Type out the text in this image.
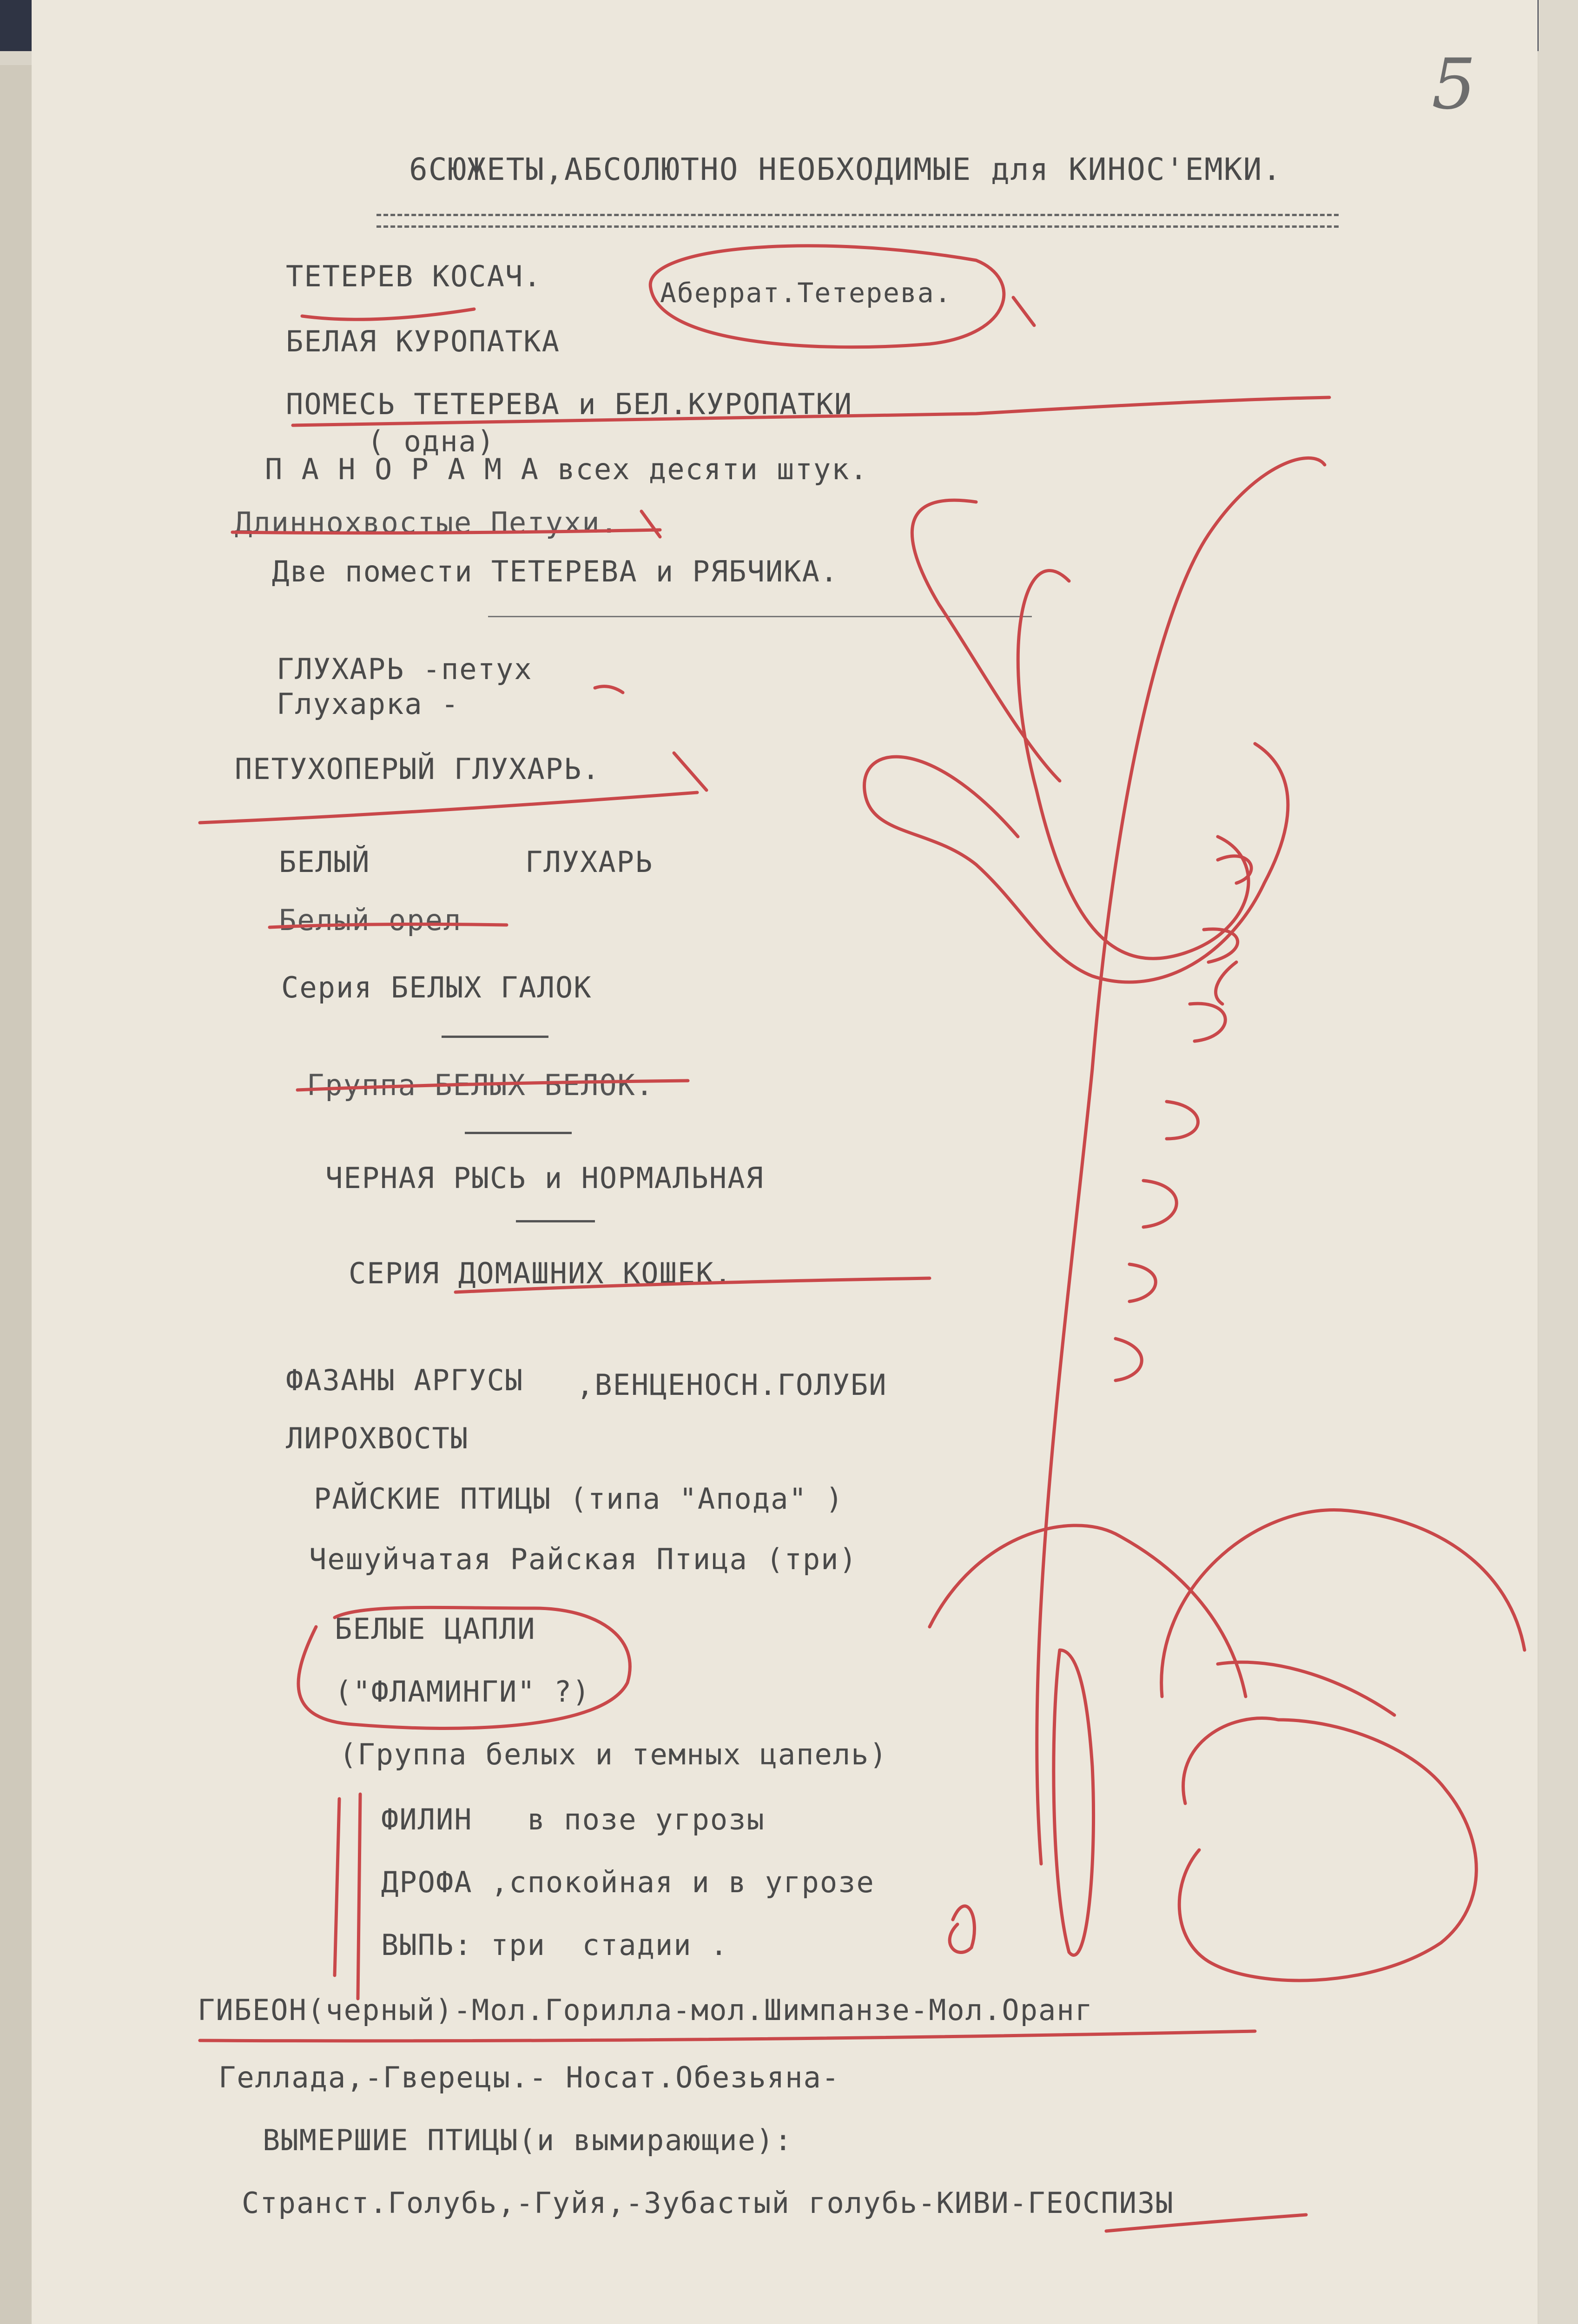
5
6СЮЖЕТЫ,АБСОЛЮТНО НЕОБХОДИМЫЕ для КИНОС'ЕМКИ.
ТЕТЕРЕВ КОСАЧ.	Аберрат.Тетерева.
БЕЛАЯ КУРОПАТКА
ПОМЕСЬ ТЕТЕРЕВА и БЕЛ.КУРОПАТКИ
( одна)
П А Н О Р А М А всех десяти штук.
Длиннохвостые Петухи.
Две помести ТЕТЕРЕВА и РЯБЧИКА.
ГЛУХАРЬ -петух
Глухарка -
ПЕТУХОПЕРЫЙ ГЛУХАРЬ.
БЕЛЫЙ	ГЛУХАРЬ
Белый орел
Серия БЕЛЫХ ГАЛОК
Группа БЕЛЫХ БЕЛОК.
ЧЕРНАЯ РЫСЬ и НОРМАЛЬНАЯ
СЕРИЯ ДОМАШНИХ КОШЕК.
ФАЗАНЫ АРГУСЫ ,ВЕНЦЕНОСН.ГОЛУБИ
ЛИРОХВОСТЫ
РАЙСКИЕ ПТИЦЫ (типа "Апода" )
Чешуйчатая Райская Птица (три)
БЕЛЫЕ ЦАПЛИ
("ФЛАМИНГИ" ?)
(Группа белых и темных цапель)
ФИЛИН   в позе угрозы
ДРОФА ,спокойная и в угрозе
ВЫПЬ: три  стадии .
ГИБЕОН(черный)-Мол.Горилла-мол.Шимпанзе-Мол.Оранг
Гелладa,-Гверецы.- Носат.Обезьяна-
ВЫМЕРШИЕ ПТИЦЫ(и вымирающие):
Странст.Голубь,-Гуйя,-Зубастый голубь-КИВИ-ГЕОСПИЗЫ
